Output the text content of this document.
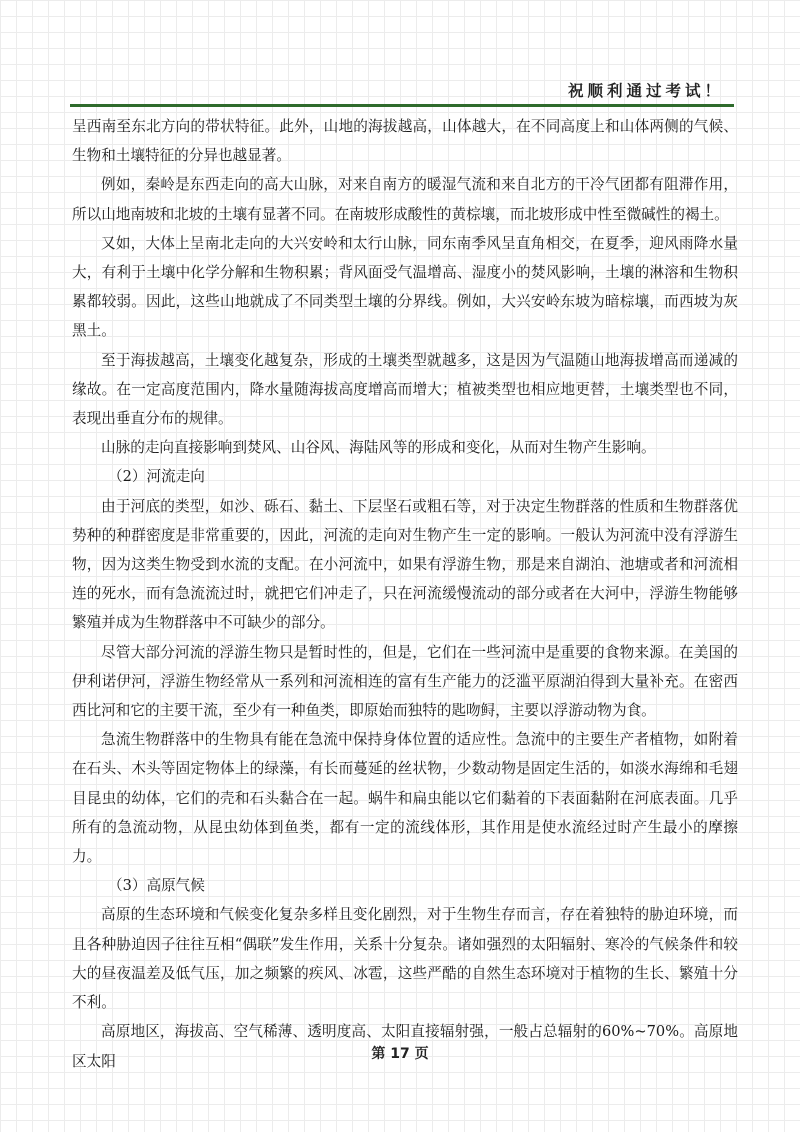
祝顺利通过考试！

呈西南至东北方向的带状特征。此外，山地的海拔越高，山体越大，在不同高度上和山体两侧的气候、生物和土壤特征的分异也越显著。

例如，秦岭是东西走向的高大山脉，对来自南方的暖湿气流和来自北方的干冷气团都有阻滞作用，所以山地南坡和北坡的土壤有显著不同。在南坡形成酸性的黄棕壤，而北坡形成中性至微碱性的褐土。

又如，大体上呈南北走向的大兴安岭和太行山脉，同东南季风呈直角相交，在夏季，迎风雨降水量大，有利于土壤中化学分解和生物积累；背风面受气温增高、湿度小的焚风影响，土壤的淋溶和生物积累都较弱。因此，这些山地就成了不同类型土壤的分界线。例如，大兴安岭东坡为暗棕壤，而西坡为灰黑土。

至于海拔越高，土壤变化越复杂，形成的土壤类型就越多，这是因为气温随山地海拔增高而递减的缘故。在一定高度范围内，降水量随海拔高度增高而增大；植被类型也相应地更替，土壤类型也不同，表现出垂直分布的规律。

山脉的走向直接影响到焚风、山谷风、海陆风等的形成和变化，从而对生物产生影响。

（2）河流走向

由于河底的类型，如沙、砾石、黏土、下层坚石或粗石等，对于决定生物群落的性质和生物群落优势种的种群密度是非常重要的，因此，河流的走向对生物产生一定的影响。一般认为河流中没有浮游生物，因为这类生物受到水流的支配。在小河流中，如果有浮游生物，那是来自湖泊、池塘或者和河流相连的死水，而有急流流过时，就把它们冲走了，只在河流缓慢流动的部分或者在大河中，浮游生物能够繁殖并成为生物群落中不可缺少的部分。

尽管大部分河流的浮游生物只是暂时性的，但是，它们在一些河流中是重要的食物来源。在美国的伊利诺伊河，浮游生物经常从一系列和河流相连的富有生产能力的泛滥平原湖泊得到大量补充。在密西西比河和它的主要干流，至少有一种鱼类，即原始而独特的匙吻鲟，主要以浮游动物为食。

急流生物群落中的生物具有能在急流中保持身体位置的适应性。急流中的主要生产者植物，如附着在石头、木头等固定物体上的绿藻，有长而蔓延的丝状物，少数动物是固定生活的，如淡水海绵和毛翅目昆虫的幼体，它们的壳和石头黏合在一起。蜗牛和扁虫能以它们黏着的下表面黏附在河底表面。几乎所有的急流动物，从昆虫幼体到鱼类，都有一定的流线体形，其作用是使水流经过时产生最小的摩擦力。

（3）高原气候

高原的生态环境和气候变化复杂多样且变化剧烈，对于生物生存而言，存在着独特的胁迫环境，而且各种胁迫因子往往互相“偶联”发生作用，关系十分复杂。诸如强烈的太阳辐射、寒冷的气候条件和较大的昼夜温差及低气压，加之频繁的疾风、冰雹，这些严酷的自然生态环境对于植物的生长、繁殖十分不利。

高原地区，海拔高、空气稀薄、透明度高、太阳直接辐射强，一般占总辐射的60%~70%。高原地区太阳	第 17 页
